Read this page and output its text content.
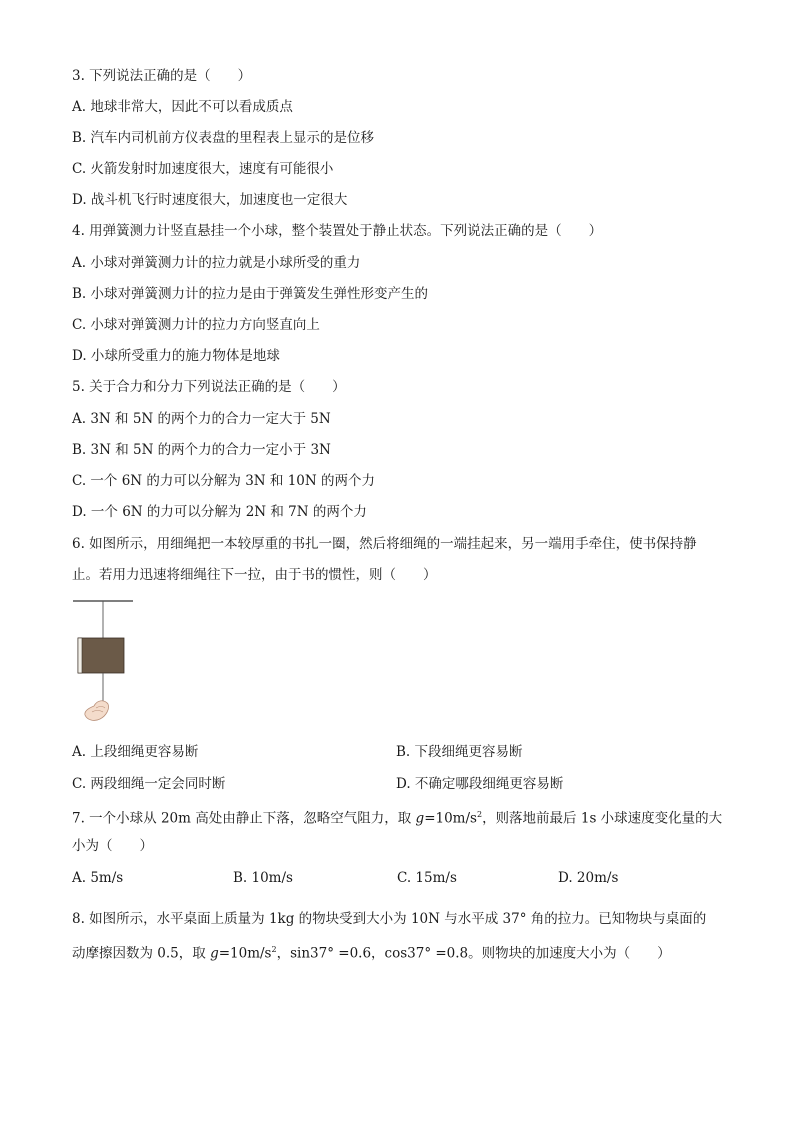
3. 下列说法正确的是（　　）
A. 地球非常大，因此不可以看成质点
B. 汽车内司机前方仪表盘的里程表上显示的是位移
C. 火箭发射时加速度很大，速度有可能很小
D. 战斗机飞行时速度很大，加速度也一定很大
4. 用弹簧测力计竖直悬挂一个小球，整个装置处于静止状态。下列说法正确的是（　　）
A. 小球对弹簧测力计的拉力就是小球所受的重力
B. 小球对弹簧测力计的拉力是由于弹簧发生弹性形变产生的
C. 小球对弹簧测力计的拉力方向竖直向上
D. 小球所受重力的施力物体是地球
5. 关于合力和分力下列说法正确的是（　　）
A. 3N 和 5N 的两个力的合力一定大于 5N
B. 3N 和 5N 的两个力的合力一定小于 3N
C. 一个 6N 的力可以分解为 3N 和 10N 的两个力
D. 一个 6N 的力可以分解为 2N 和 7N 的两个力
6. 如图所示，用细绳把一本较厚重的书扎一圈，然后将细绳的一端挂起来，另一端用手牵住，使书保持静
止。若用力迅速将细绳往下一拉，由于书的惯性，则（　　）
A. 上段细绳更容易断	B. 下段细绳更容易断
C. 两段细绳一定会同时断	D. 不确定哪段细绳更容易断
7. 一个小球从 20m 高处由静止下落，忽略空气阻力，取 $g=10m/s^2$，则落地前最后 1s 小球速度变化量的大
小为（　　）
A. 5m/s	B. 10m/s	C. 15m/s	D. 20m/s
8. 如图所示，水平桌面上质量为 1kg 的物块受到大小为 10N 与水平成 37° 角的拉力。已知物块与桌面的
动摩擦因数为 0.5，取 $g=10m/s^2$，sin37° =0.6，cos37° =0.8。则物块的加速度大小为（　　）
